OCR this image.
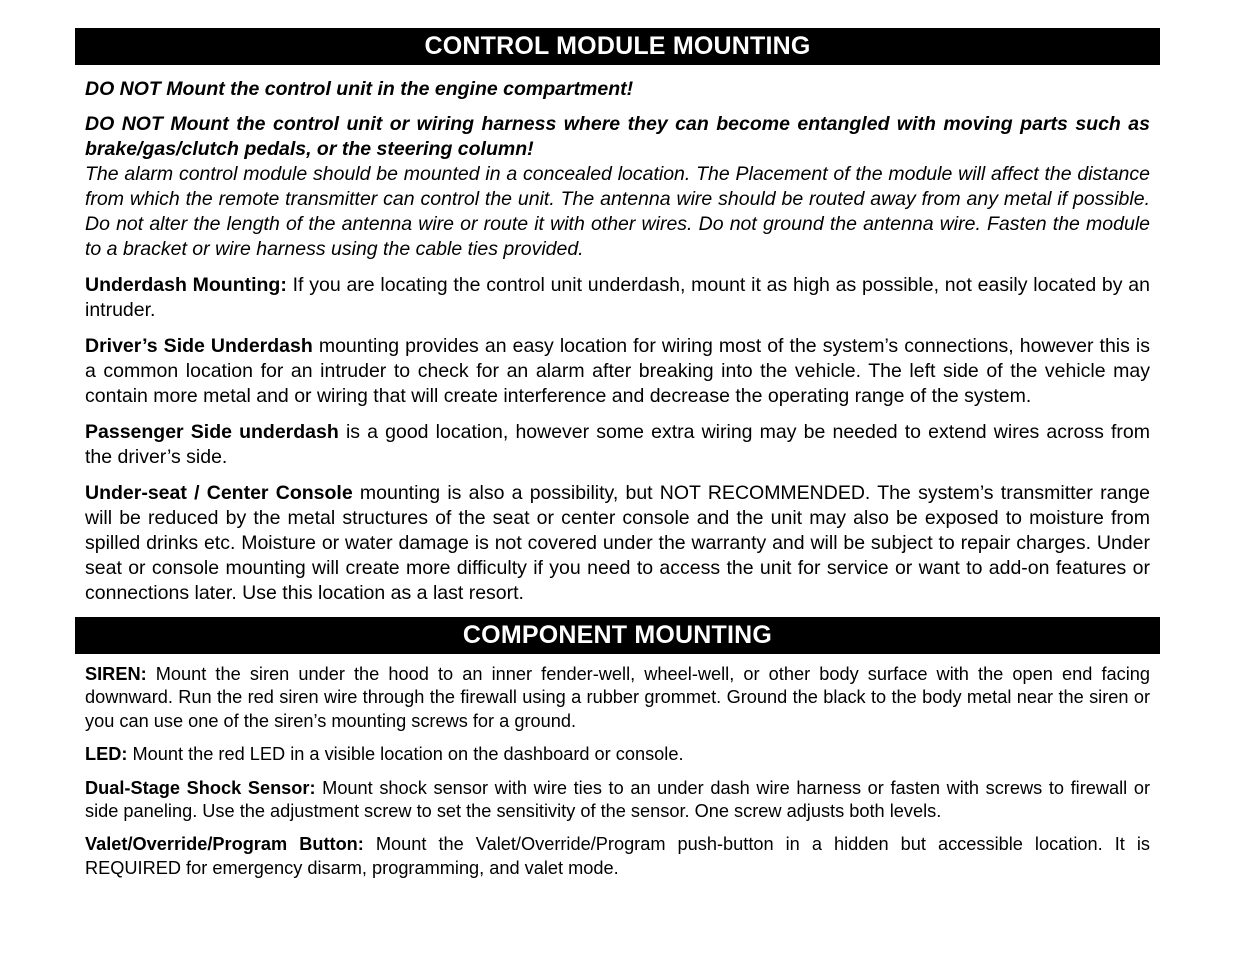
CONTROL MODULE MOUNTING

DO NOT Mount the control unit in the engine compartment!

DO NOT Mount the control unit or wiring harness where they can become entangled with moving parts such as brake/gas/clutch pedals, or the steering column!

The alarm control module should be mounted in a concealed location. The Placement of the module will affect the distance from which the remote transmitter can control the unit. The antenna wire should be routed away from any metal if possible. Do not alter the length of the antenna wire or route it with other wires. Do not ground the antenna wire. Fasten the module to a bracket or wire harness using the cable ties provided.

Underdash Mounting: If you are locating the control unit underdash, mount it as high as possible, not easily located by an intruder.

Driver’s Side Underdash mounting provides an easy location for wiring most of the system’s connections, however this is a common location for an intruder to check for an alarm after breaking into the vehicle. The left side of the vehicle may contain more metal and or wiring that will create interference and decrease the operating range of the system.

Passenger Side underdash is a good location, however some extra wiring may be needed to extend wires across from the driver’s side.

Under-seat / Center Console mounting is also a possibility, but NOT RECOMMENDED. The system’s transmitter range will be reduced by the metal structures of the seat or center console and the unit may also be exposed to moisture from spilled drinks etc. Moisture or water damage is not covered under the warranty and will be subject to repair charges. Under seat or console mounting will create more difficulty if you need to access the unit for service or want to add-on features or connections later. Use this location as a last resort.

COMPONENT MOUNTING

SIREN: Mount the siren under the hood to an inner fender-well, wheel-well, or other body surface with the open end facing downward. Run the red siren wire through the firewall using a rubber grommet. Ground the black to the body metal near the siren or you can use one of the siren’s mounting screws for a ground.

LED: Mount the red LED in a visible location on the dashboard or console.

Dual-Stage Shock Sensor: Mount shock sensor with wire ties to an under dash wire harness or fasten with screws to firewall or side paneling. Use the adjustment screw to set the sensitivity of the sensor. One screw adjusts both levels.

Valet/Override/Program Button: Mount the Valet/Override/Program push-button in a hidden but accessible location. It is REQUIRED for emergency disarm, programming, and valet mode.
